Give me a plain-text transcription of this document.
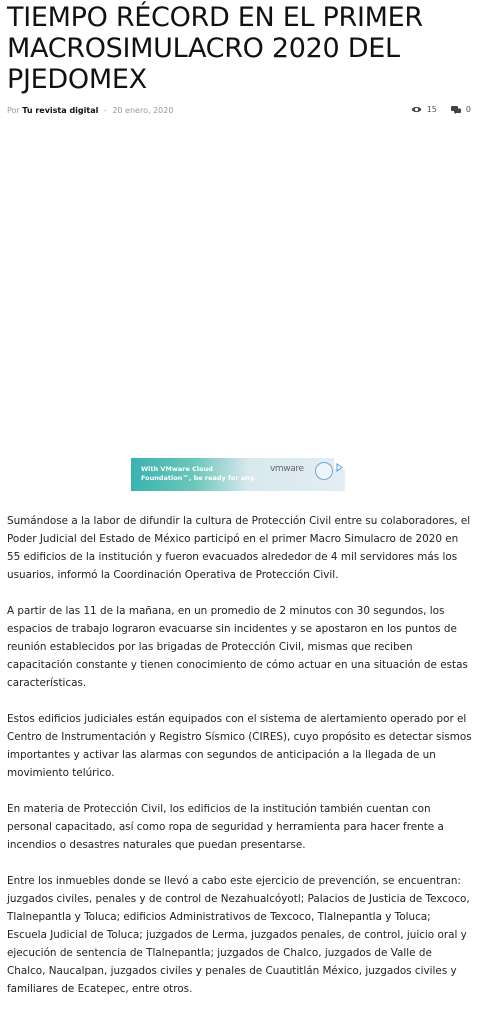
TIEMPO RÉCORD EN EL PRIMER MACROSIMULACRO 2020 DEL PJEDOMEX
Por Tu revista digital - 20 enero, 2020	15	0
With VMware Cloud
Foundation™, be ready for any.
vmware

Sumándose a la labor de difundir la cultura de Protección Civil entre su colaboradores, el Poder Judicial del Estado de México participó en el primer Macro Simulacro de 2020 en 55 edificios de la institución y fueron evacuados alrededor de 4 mil servidores más los usuarios, informó la Coordinación Operativa de Protección Civil.

A partir de las 11 de la mañana, en un promedio de 2 minutos con 30 segundos, los espacios de trabajo lograron evacuarse sin incidentes y se apostaron en los puntos de reunión establecidos por las brigadas de Protección Civil, mismas que reciben capacitación constante y tienen conocimiento de cómo actuar en una situación de estas características.

Estos edificios judiciales están equipados con el sistema de alertamiento operado por el Centro de Instrumentación y Registro Sísmico (CIRES), cuyo propósito es detectar sismos importantes y activar las alarmas con segundos de anticipación a la llegada de un movimiento telúrico.

En materia de Protección Civil, los edificios de la institución también cuentan con personal capacitado, así como ropa de seguridad y herramienta para hacer frente a incendios o desastres naturales que puedan presentarse.

Entre los inmuebles donde se llevó a cabo este ejercicio de prevención, se encuentran: juzgados civiles, penales y de control de Nezahualcóyotl; Palacios de Justicia de Texcoco, Tlalnepantla y Toluca; edificios Administrativos de Texcoco, Tlalnepantla y Toluca; Escuela Judicial de Toluca; juzgados de Lerma, juzgados penales, de control, juicio oral y ejecución de sentencia de Tlalnepantla; juzgados de Chalco, juzgados de Valle de Chalco, Naucalpan, juzgados civiles y penales de Cuautitlán México, juzgados civiles y familiares de Ecatepec, entre otros.
